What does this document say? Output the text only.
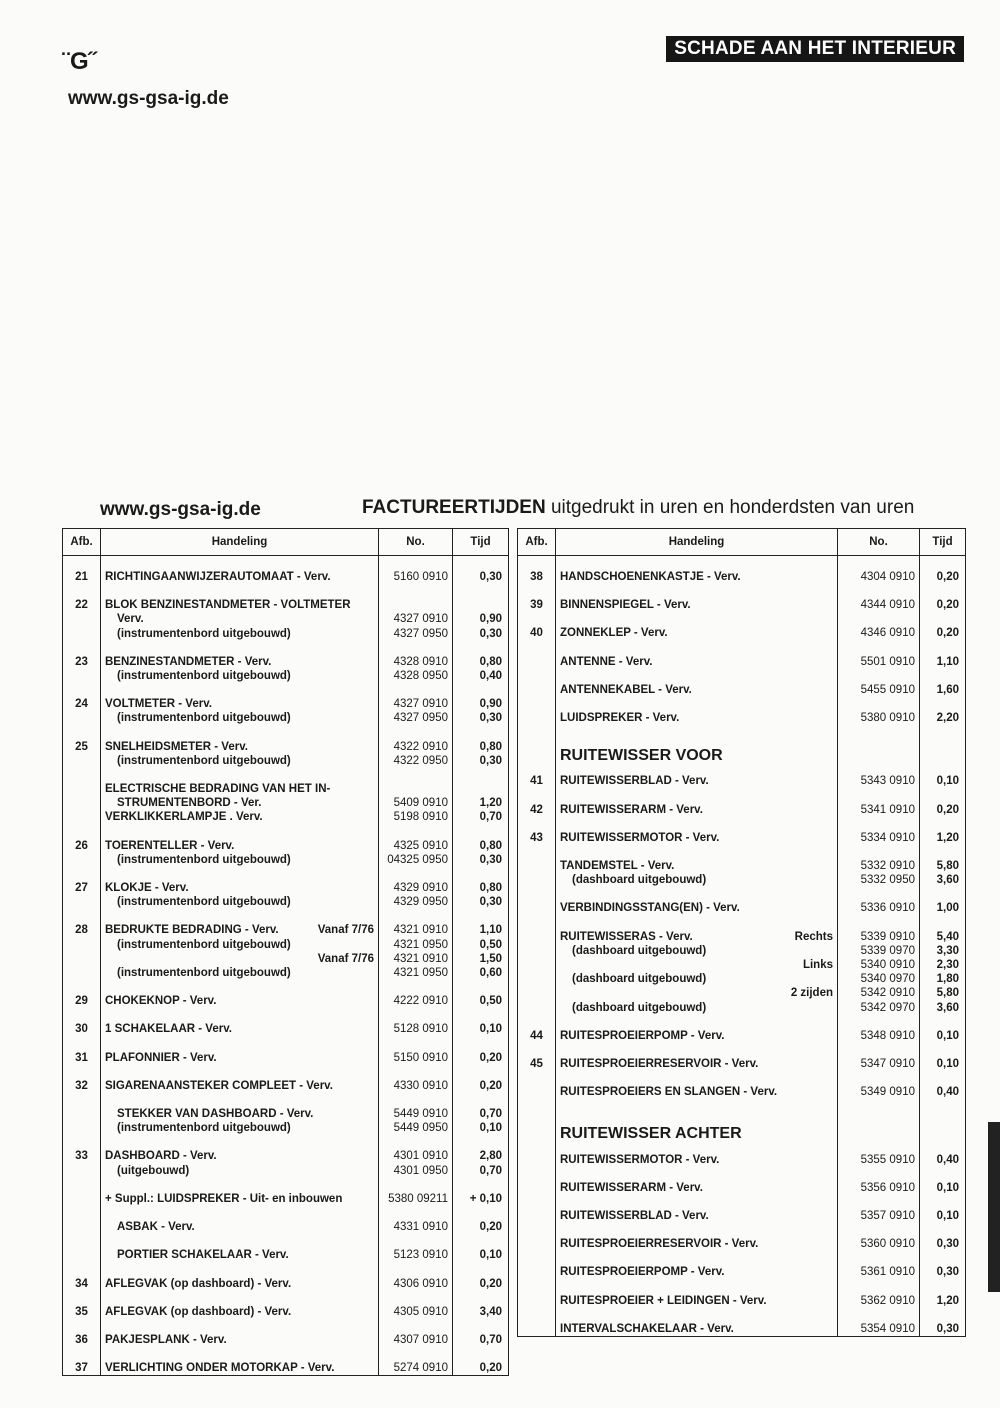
¨G˝
www.gs-gsa-ig.de
SCHADE AAN HET INTERIEUR
www.gs-gsa-ig.de	FACTUREERTIJDEN uitgedrukt in uren en honderdsten van uren
Afb.	Handeling	No.	Tijd
21	RICHTINGAANWIJZERAUTOMAAT - Verv.	5160 0910	0,30
22	BLOK BENZINESTANDMETER - VOLTMETER		

	Verv.	4327 0910	0,90

	(instrumentenbord uitgebouwd)	4327 0950	0,30
23	BENZINESTANDMETER - Verv.	4328 0910	0,80

	(instrumentenbord uitgebouwd)	4328 0950	0,40
24	VOLTMETER - Verv.	4327 0910	0,90

	(instrumentenbord uitgebouwd)	4327 0950	0,30
25	SNELHEIDSMETER - Verv.	4322 0910	0,80

	(instrumentenbord uitgebouwd)	4322 0950	0,30

	ELECTRISCHE BEDRADING VAN HET IN-		

	STRUMENTENBORD - Ver.	5409 0910	1,20

	VERKLIKKERLAMPJE . Verv.	5198 0910	0,70
26	TOERENTELLER - Verv.	4325 0910	0,80

	(instrumentenbord uitgebouwd)	04325 0950	0,30
27	KLOKJE - Verv.	4329 0910	0,80

	(instrumentenbord uitgebouwd)	4329 0950	0,30
28	BEDRUKTE BEDRADING - Verv. Vanaf 7/76	4321 0910	1,10

	(instrumentenbord uitgebouwd)	4321 0950	0,50

	Vanaf 7/76	4321 0910	1,50

	(instrumentenbord uitgebouwd)	4321 0950	0,60
29	CHOKEKNOP - Verv.	4222 0910	0,50
30	1 SCHAKELAAR - Verv.	5128 0910	0,10
31	PLAFONNIER - Verv.	5150 0910	0,20
32	SIGARENAANSTEKER COMPLEET - Verv.	4330 0910	0,20

	STEKKER VAN DASHBOARD - Verv.	5449 0910	0,70

	(instrumentenbord uitgebouwd)	5449 0950	0,10
33	DASHBOARD - Verv.	4301 0910	2,80

	(uitgebouwd)	4301 0950	0,70

	+ Suppl.: LUIDSPREKER - Uit- en inbouwen	5380 09211	+ 0,10

	ASBAK - Verv.	4331 0910	0,20

	PORTIER SCHAKELAAR - Verv.	5123 0910	0,10
34	AFLEGVAK (op dashboard) - Verv.	4306 0910	0,20
35	AFLEGVAK (op dashboard) - Verv.	4305 0910	3,40
36	PAKJESPLANK - Verv.	4307 0910	0,70
37	VERLICHTING ONDER MOTORKAP - Verv.	5274 0910	0,20
Afb.	Handeling	No.	Tijd
38	HANDSCHOENENKASTJE - Verv.	4304 0910	0,20
39	BINNENSPIEGEL - Verv.	4344 0910	0,20
40	ZONNEKLEP - Verv.	4346 0910	0,20

	ANTENNE - Verv.	5501 0910	1,10

	ANTENNEKABEL - Verv.	5455 0910	1,60

	LUIDSPREKER - Verv.	5380 0910	2,20
	RUITEWISSER VOOR		
41	RUITEWISSERBLAD - Verv.	5343 0910	0,10
42	RUITEWISSERARM - Verv.	5341 0910	0,20
43	RUITEWISSERMOTOR - Verv.	5334 0910	1,20

	TANDEMSTEL - Verv.	5332 0910	5,80

	(dashboard uitgebouwd)	5332 0950	3,60

	VERBINDINGSSTANG(EN) - Verv.	5336 0910	1,00

	RUITEWISSERAS - Verv. Rechts	5339 0910	5,40

	(dashboard uitgebouwd)	5339 0970	3,30

	Links	5340 0910	2,30

	(dashboard uitgebouwd)	5340 0970	1,80

	2 zijden	5342 0910	5,80

	(dashboard uitgebouwd)	5342 0970	3,60
44	RUITESPROEIERPOMP - Verv.	5348 0910	0,10
45	RUITESPROEIERRESERVOIR - Verv.	5347 0910	0,10

	RUITESPROEIERS EN SLANGEN - Verv.	5349 0910	0,40
	RUITEWISSER ACHTER		

	RUITEWISSERMOTOR - Verv.	5355 0910	0,40

	RUITEWISSERARM - Verv.	5356 0910	0,10

	RUITEWISSERBLAD - Verv.	5357 0910	0,10

	RUITESPROEIERRESERVOIR - Verv.	5360 0910	0,30

	RUITESPROEIERPOMP - Verv.	5361 0910	0,30

	RUITESPROEIER + LEIDINGEN - Verv.	5362 0910	1,20

	INTERVALSCHAKELAAR - Verv.	5354 0910	0,30
